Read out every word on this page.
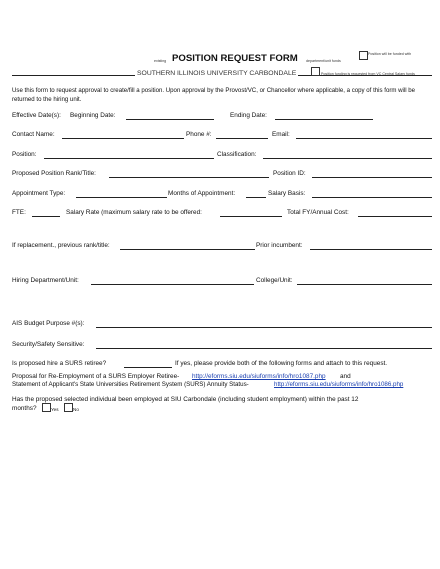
existing POSITION REQUEST FORM department/unit funds
Position will be funded with
SOUTHERN ILLINOIS UNIVERSITY CARBONDALE	Position funding is requested from VC Central Salary funds
Use this form to request approval to create/fill a position. Upon approval by the Provost/VC, or Chancellor where applicable, a copy of this form will be returned to the hiring unit.
Effective Date(s): Beginning Date:	Ending Date:
Contact Name:	Phone #:	Email:
Position:	Classification:
Proposed Position Rank/Title:	Position ID:
Appointment Type:	Months of Appointment:	Salary Basis:
FTE:	Salary Rate (maximum salary rate to be offered:	Total FY/Annual Cost:
If replacement., previous rank/title:	Prior incumbent:
Hiring Department/Unit:	College/Unit:
AIS Budget Purpose #(s):
Security/Safety Sensitive:
Is proposed hire a SURS retiree?	If yes, please provide both of the following forms and attach to this request.
Proposal for Re-Employment of a SURS Employer Retiree- http://eforms.siu.edu/siuforms/info/hro1087.php and
Statement of Applicant's State Universities Retirement System (SURS) Annuity Status-	http://eforms.siu.edu/siuforms/info/hro1086.php
Has the proposed selected individual been employed at SIU Carbondale (including student employment) within the past 12
months?	Yes	No
